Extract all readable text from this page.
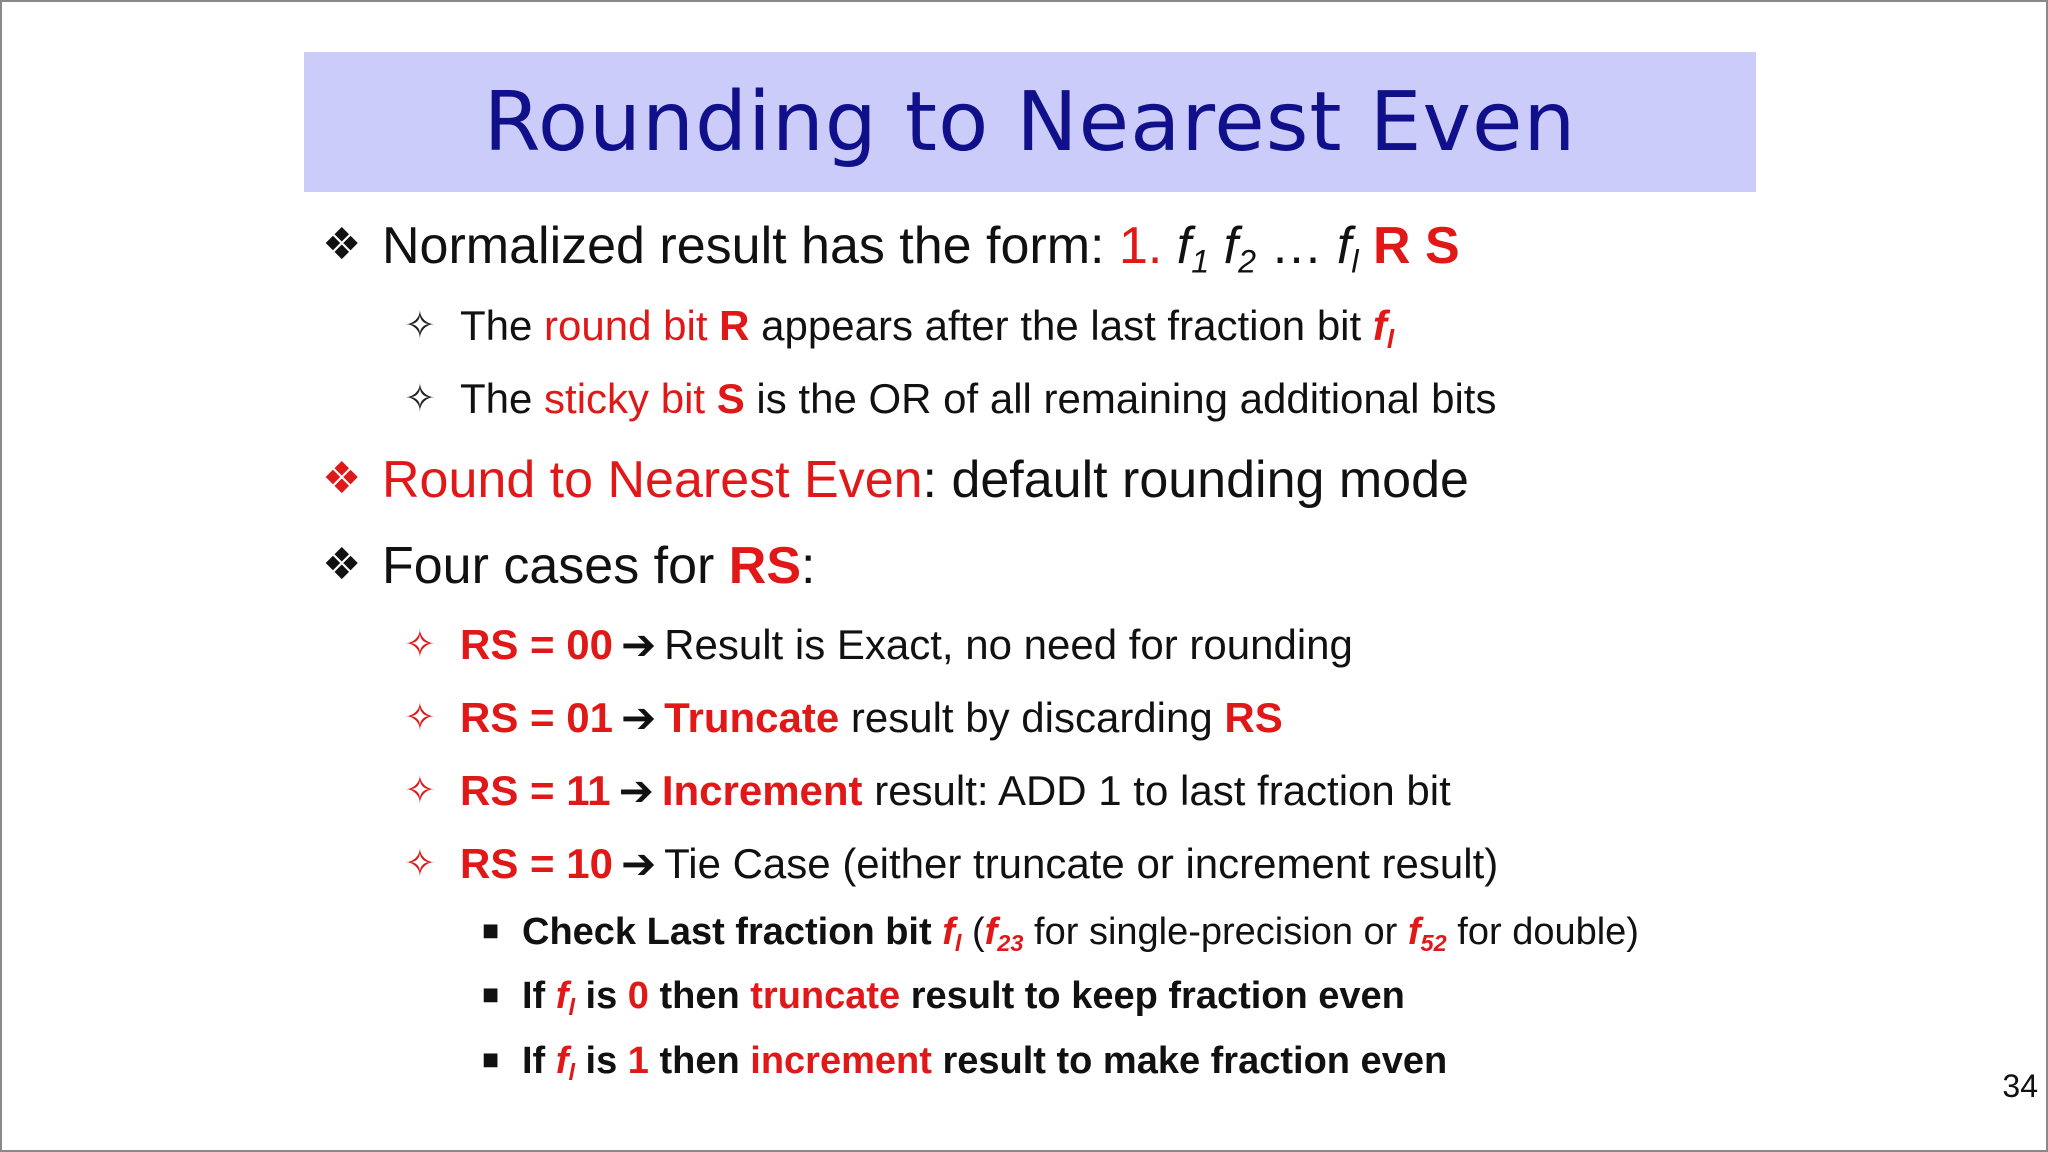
Rounding to Nearest Even
❖ Normalized result has the form: 1. $f_1$ $f_2$ … $f_l$ R S
✧ The round bit R appears after the last fraction bit $f_l$
✧ The sticky bit S is the OR of all remaining additional bits
❖ Round to Nearest Even: default rounding mode
❖ Four cases for RS:
✧ RS = 00 ➔ Result is Exact, no need for rounding
✧ RS = 01 ➔ Truncate result by discarding RS
✧ RS = 11 ➔ Increment result: ADD 1 to last fraction bit
✧ RS = 10 ➔ Tie Case (either truncate or increment result)
■ Check Last fraction bit $f_l$ ($f_{23}$ for single-precision or $f_{52}$ for double)
■ If $f_l$ is 0 then truncate result to keep fraction even
■ If $f_l$ is 1 then increment result to make fraction even
34
